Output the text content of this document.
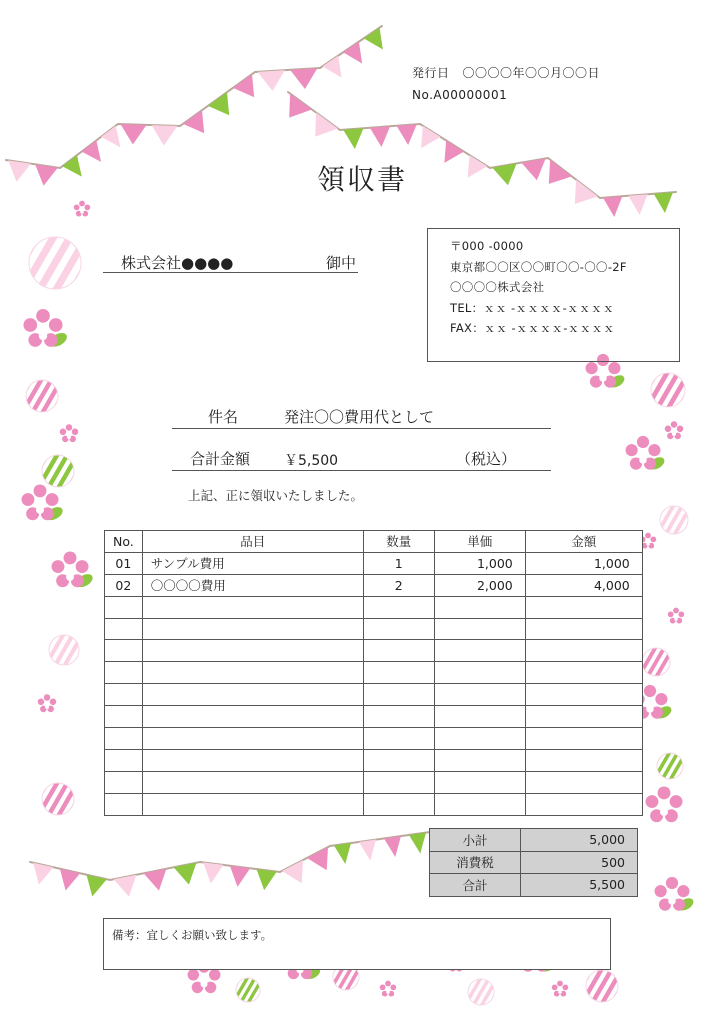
発行日 〇〇〇〇年〇〇月〇〇日
No.A00000001
領収書
株式会社●●●●	御中
〒000 -0000
東京都〇〇区〇〇町〇〇-〇〇-2F
〇〇〇〇株式会社
TEL：ｘｘ -ｘｘｘｘ-ｘｘｘｘ
FAX：ｘｘ -ｘｘｘｘ-ｘｘｘｘ
件名	発注〇〇費用代として
合計金額 ￥5,500	（税込）
上記、正に領収いたしました。
No.	品目	数量	単価	金額
01	サンプル費用	1	1,000	1,000
02	〇〇〇〇費用	2	2,000	4,000

小計	5,000
消費税	500
合計	5,500
備考：宜しくお願い致します。
